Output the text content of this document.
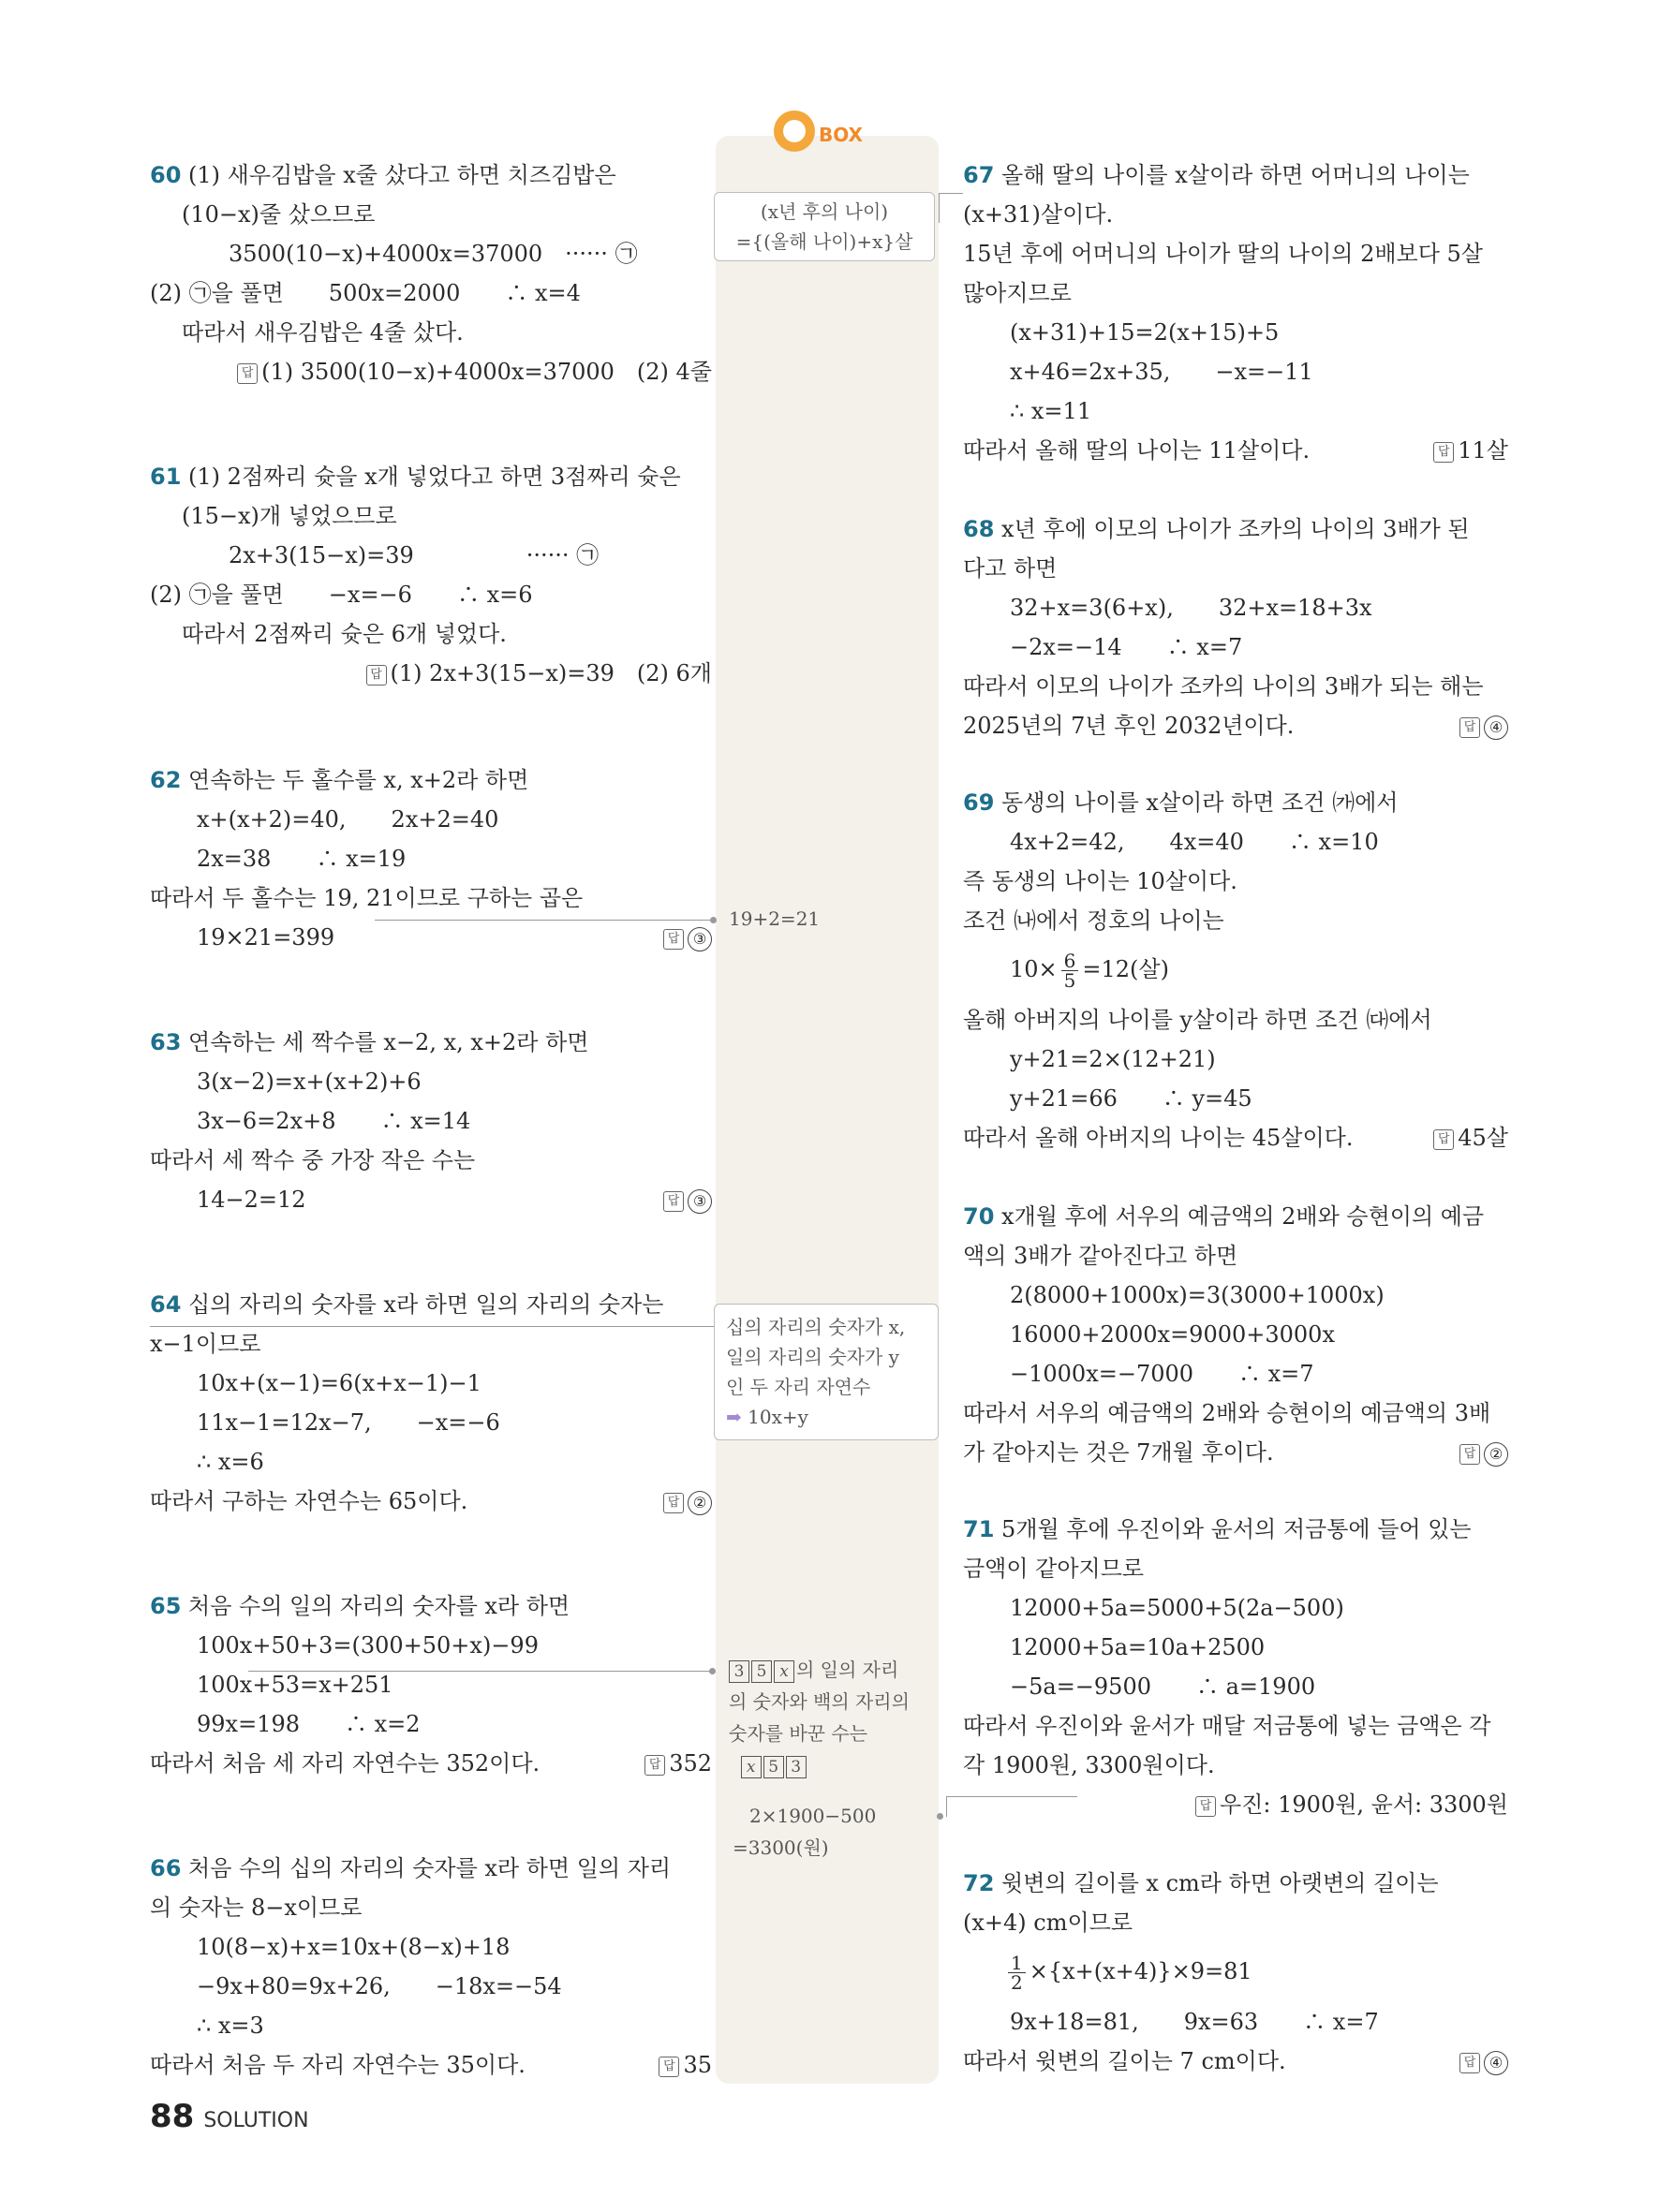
BOX
60 (1) 새우김밥을 x줄 샀다고 하면 치즈김밥은
(10−x)줄 샀으므로
3500(10−x)+4000x=37000　······ ㉠
(2) ㉠을 풀면　　500x=2000　　∴ x=4
따라서 새우김밥은 4줄 샀다.
답 (1) 3500(10−x)+4000x=37000　(2) 4줄
61 (1) 2점짜리 슛을 x개 넣었다고 하면 3점짜리 슛은
(15−x)개 넣었으므로
2x+3(15−x)=39　　　　　······ ㉠
(2) ㉠을 풀면　　−x=−6　　∴ x=6
따라서 2점짜리 슛은 6개 넣었다.
답 (1) 2x+3(15−x)=39　(2) 6개
62 연속하는 두 홀수를 x, x+2라 하면
x+(x+2)=40,　　2x+2=40
2x=38　　∴ x=19
따라서 두 홀수는 19, 21이므로 구하는 곱은
19×21=399	답 ③
63 연속하는 세 짝수를 x−2, x, x+2라 하면
3(x−2)=x+(x+2)+6
3x−6=2x+8　　∴ x=14
따라서 세 짝수 중 가장 작은 수는
14−2=12	답 ③
64 십의 자리의 숫자를 x라 하면 일의 자리의 숫자는
x−1이므로
10x+(x−1)=6(x+x−1)−1
11x−1=12x−7,　　−x=−6
∴ x=6
따라서 구하는 자연수는 65이다.	답 ②
65 처음 수의 일의 자리의 숫자를 x라 하면
100x+50+3=(300+50+x)−99
100x+53=x+251
99x=198　　∴ x=2
따라서 처음 세 자리 자연수는 352이다.	답 352
66 처음 수의 십의 자리의 숫자를 x라 하면 일의 자리
의 숫자는 8−x이므로
10(8−x)+x=10x+(8−x)+18
−9x+80=9x+26,　　−18x=−54
∴ x=3
따라서 처음 두 자리 자연수는 35이다.	답 35
(x년 후의 나이)
={(올해 나이)+x}살
19+2=21
십의 자리의 숫자가 x,
일의 자리의 숫자가 y
인 두 자리 자연수
➡ 10x+y
3 5 x 의 일의 자리
의 숫자와 백의 자리의
숫자를 바꾼 수는
x 5 3
2×1900−500
=3300(원)
67 올해 딸의 나이를 x살이라 하면 어머니의 나이는
(x+31)살이다.
15년 후에 어머니의 나이가 딸의 나이의 2배보다 5살
많아지므로
(x+31)+15=2(x+15)+5
x+46=2x+35,　　−x=−11
∴ x=11
따라서 올해 딸의 나이는 11살이다.	답 11살
68 x년 후에 이모의 나이가 조카의 나이의 3배가 된
다고 하면
32+x=3(6+x),　　32+x=18+3x
−2x=−14　　∴ x=7
따라서 이모의 나이가 조카의 나이의 3배가 되는 해는
2025년의 7년 후인 2032년이다.	답 ④
69 동생의 나이를 x살이라 하면 조건 ㈎에서
4x+2=42,　　4x=40　　∴ x=10
즉 동생의 나이는 10살이다.
조건 ㈏에서 정호의 나이는
$10\times \frac{6}{5} =12$(살)
올해 아버지의 나이를 y살이라 하면 조건 ㈐에서
y+21=2×(12+21)
y+21=66　　∴ y=45
따라서 올해 아버지의 나이는 45살이다.	답 45살
70 x개월 후에 서우의 예금액의 2배와 승현이의 예금
액의 3배가 같아진다고 하면
2(8000+1000x)=3(3000+1000x)
16000+2000x=9000+3000x
−1000x=−7000　　∴ x=7
따라서 서우의 예금액의 2배와 승현이의 예금액의 3배
가 같아지는 것은 7개월 후이다.	답 ②
71 5개월 후에 우진이와 윤서의 저금통에 들어 있는
금액이 같아지므로
12000+5a=5000+5(2a−500)
12000+5a=10a+2500
−5a=−9500　　∴ a=1900
따라서 우진이와 윤서가 매달 저금통에 넣는 금액은 각
각 1900원, 3300원이다.
답 우진: 1900원, 윤서: 3300원
72 윗변의 길이를 x cm라 하면 아랫변의 길이는
(x+4) cm이므로
$\frac{1}{2} \times\{x+(x+4)\}\times 9=81$
9x+18=81,　　9x=63　　∴ x=7
따라서 윗변의 길이는 7 cm이다.	답 ④
88 SOLUTION
